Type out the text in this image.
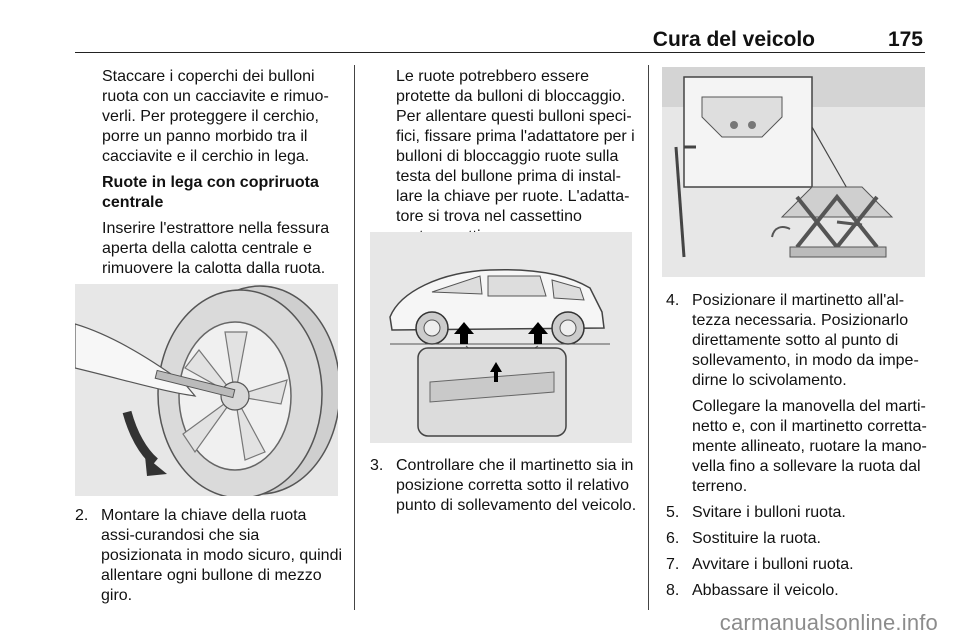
Cura del veicolo	175

Staccare i coperchi dei bulloni ruota con un cacciavite e rimuo-verli. Per proteggere il cerchio, porre un panno morbido tra il cacciavite e il cerchio in lega.

Ruote in lega con copriruota centrale

Inserire l'estrattore nella fessura aperta della calotta centrale e rimuovere la calotta dalla ruota.

2. Montare la chiave della ruota assi-curandosi che sia posizionata in modo sicuro, quindi allentare ogni bullone di mezzo giro.

Le ruote potrebbero essere protette da bulloni di bloccaggio. Per allentare questi bulloni speci-fici, fissare prima l'adattatore per i bulloni di bloccaggio ruote sulla testa del bullone prima di instal-lare la chiave per ruote. L'adatta-tore si trova nel cassettino

3. Controllare che il martinetto sia in posizione corretta sotto il relativo punto di sollevamento del veicolo.
4. Posizionare il martinetto all'al-tezza necessaria. Posizionarlo direttamente sotto al punto di sollevamento, in modo da impe-dirne lo scivolamento.

Collegare la manovella del marti-netto e, con il martinetto corretta-mente allineato, ruotare la mano-vella fino a sollevare la ruota dal terreno.

5. Svitare i bulloni ruota.
6. Sostituire la ruota.
7. Avvitare i bulloni ruota.
8. Abbassare il veicolo.
carmanualsonline.info
